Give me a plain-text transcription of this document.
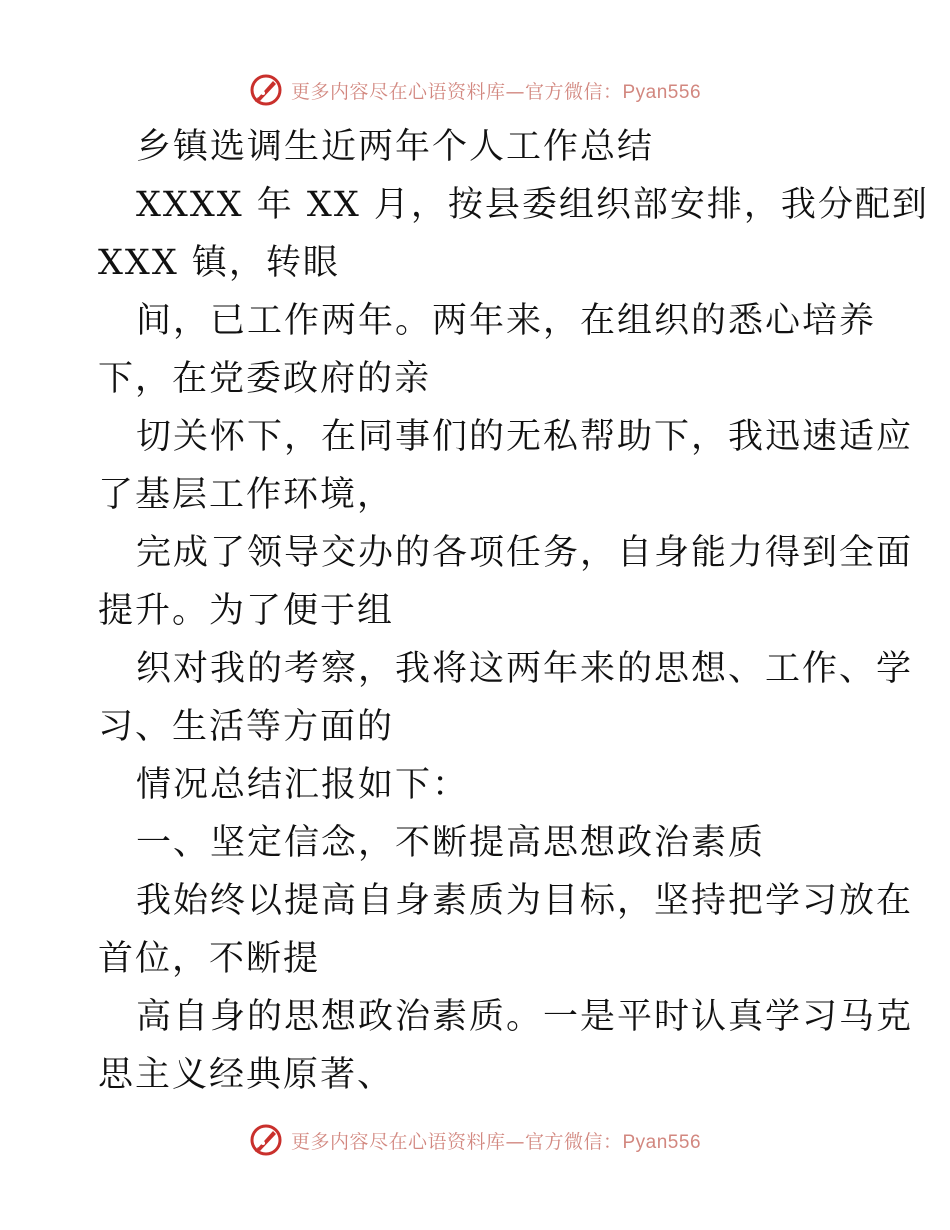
更多内容尽在心语资料库—官方微信：Pyan556
乡镇选调生近两年个人工作总结
XXXX 年 XX 月，按县委组织部安排，我分配到
XXX 镇，转眼
间，已工作两年。两年来，在组织的悉心培养
下，在党委政府的亲
切关怀下，在同事们的无私帮助下，我迅速适应
了基层工作环境，
完成了领导交办的各项任务，自身能力得到全面
提升。为了便于组
织对我的考察，我将这两年来的思想、工作、学
习、生活等方面的
情况总结汇报如下：
一、坚定信念，不断提高思想政治素质
我始终以提高自身素质为目标，坚持把学习放在
首位，不断提
高自身的思想政治素质。一是平时认真学习马克
思主义经典原著、
更多内容尽在心语资料库—官方微信：Pyan556
